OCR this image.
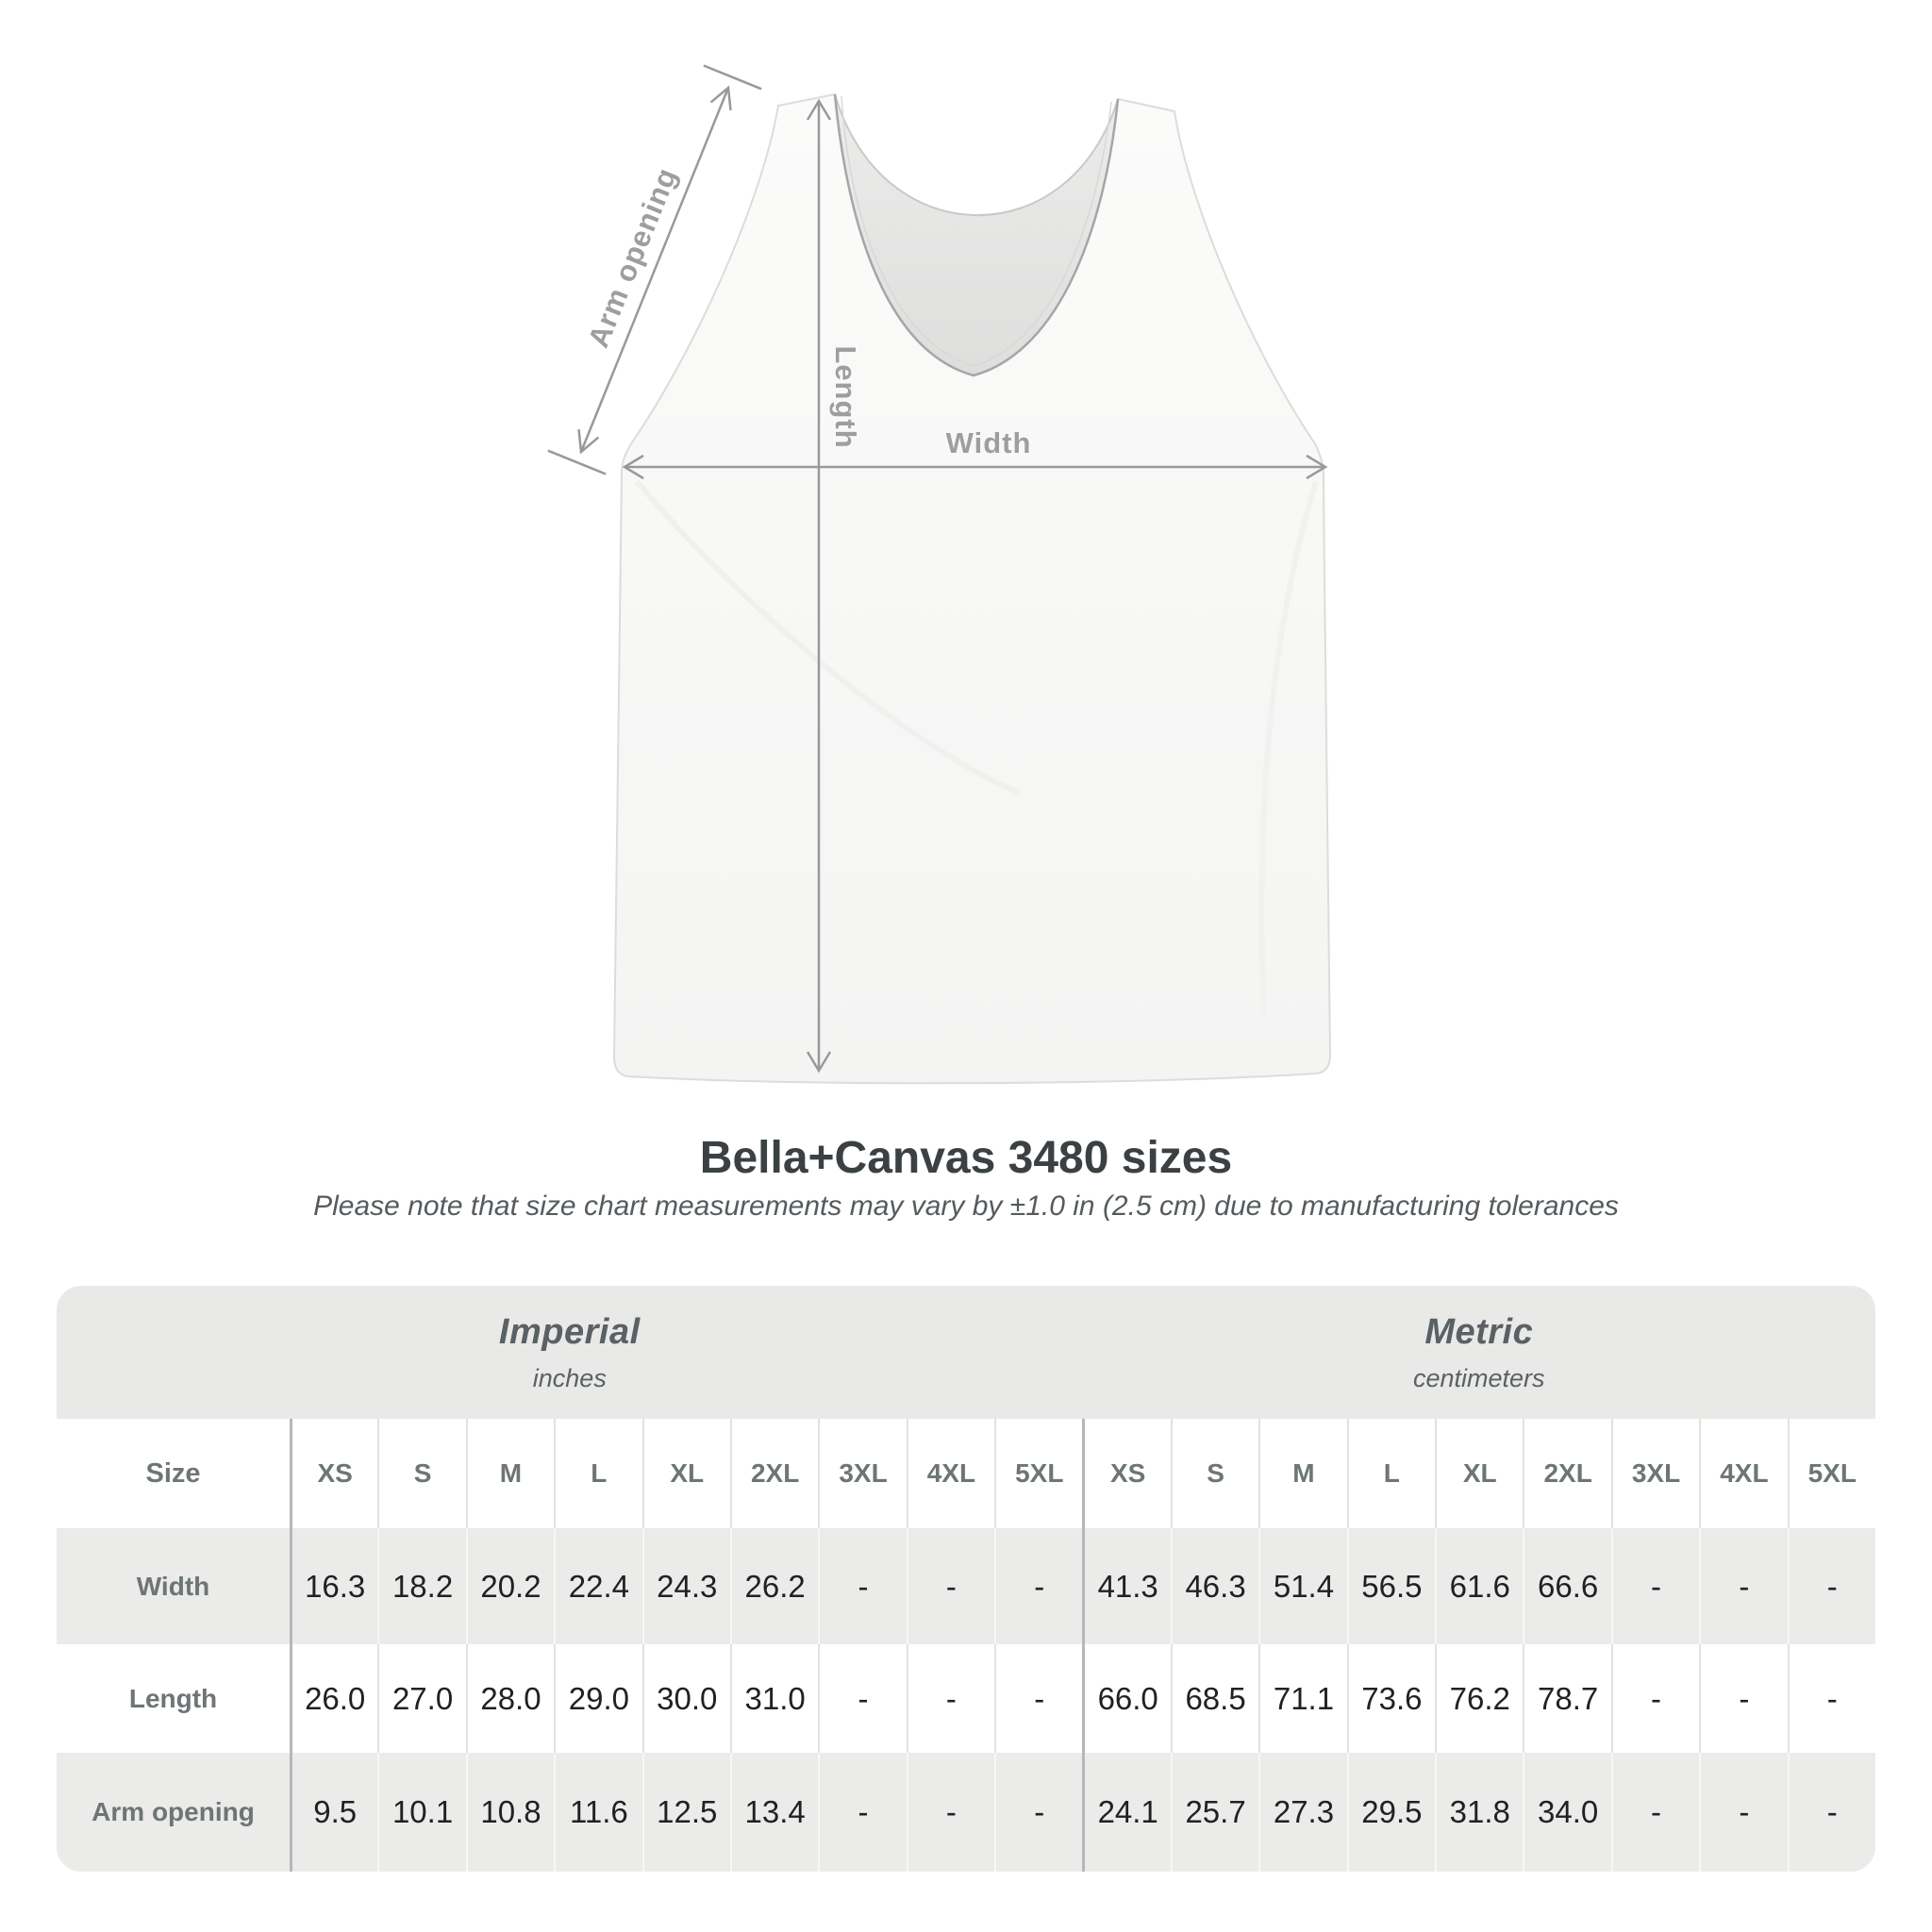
Arm opening
Length	Width
Bella+Canvas 3480 sizes
Please note that size chart measurements may vary by ±1.0 in (2.5 cm) due to manufacturing tolerances
Imperial
inches
Metric
centimeters
Size	XS	S	M	L	XL	2XL	3XL	4XL	5XL	XS	S	M	L	XL	2XL	3XL	4XL	5XL
Width	16.3 18.2 20.2 22.4 24.3 26.2	-	-	-	41.3 46.3 51.4 56.5 61.6 66.6	-	-	-
Length	26.0 27.0 28.0 29.0 30.0 31.0	-	-	-	66.0 68.5 71.1 73.6 76.2 78.7	-	-	-
Arm opening	9.5	10.1 10.8 11.6 12.5 13.4	-	-	-	24.1 25.7 27.3 29.5 31.8 34.0	-	-	-
